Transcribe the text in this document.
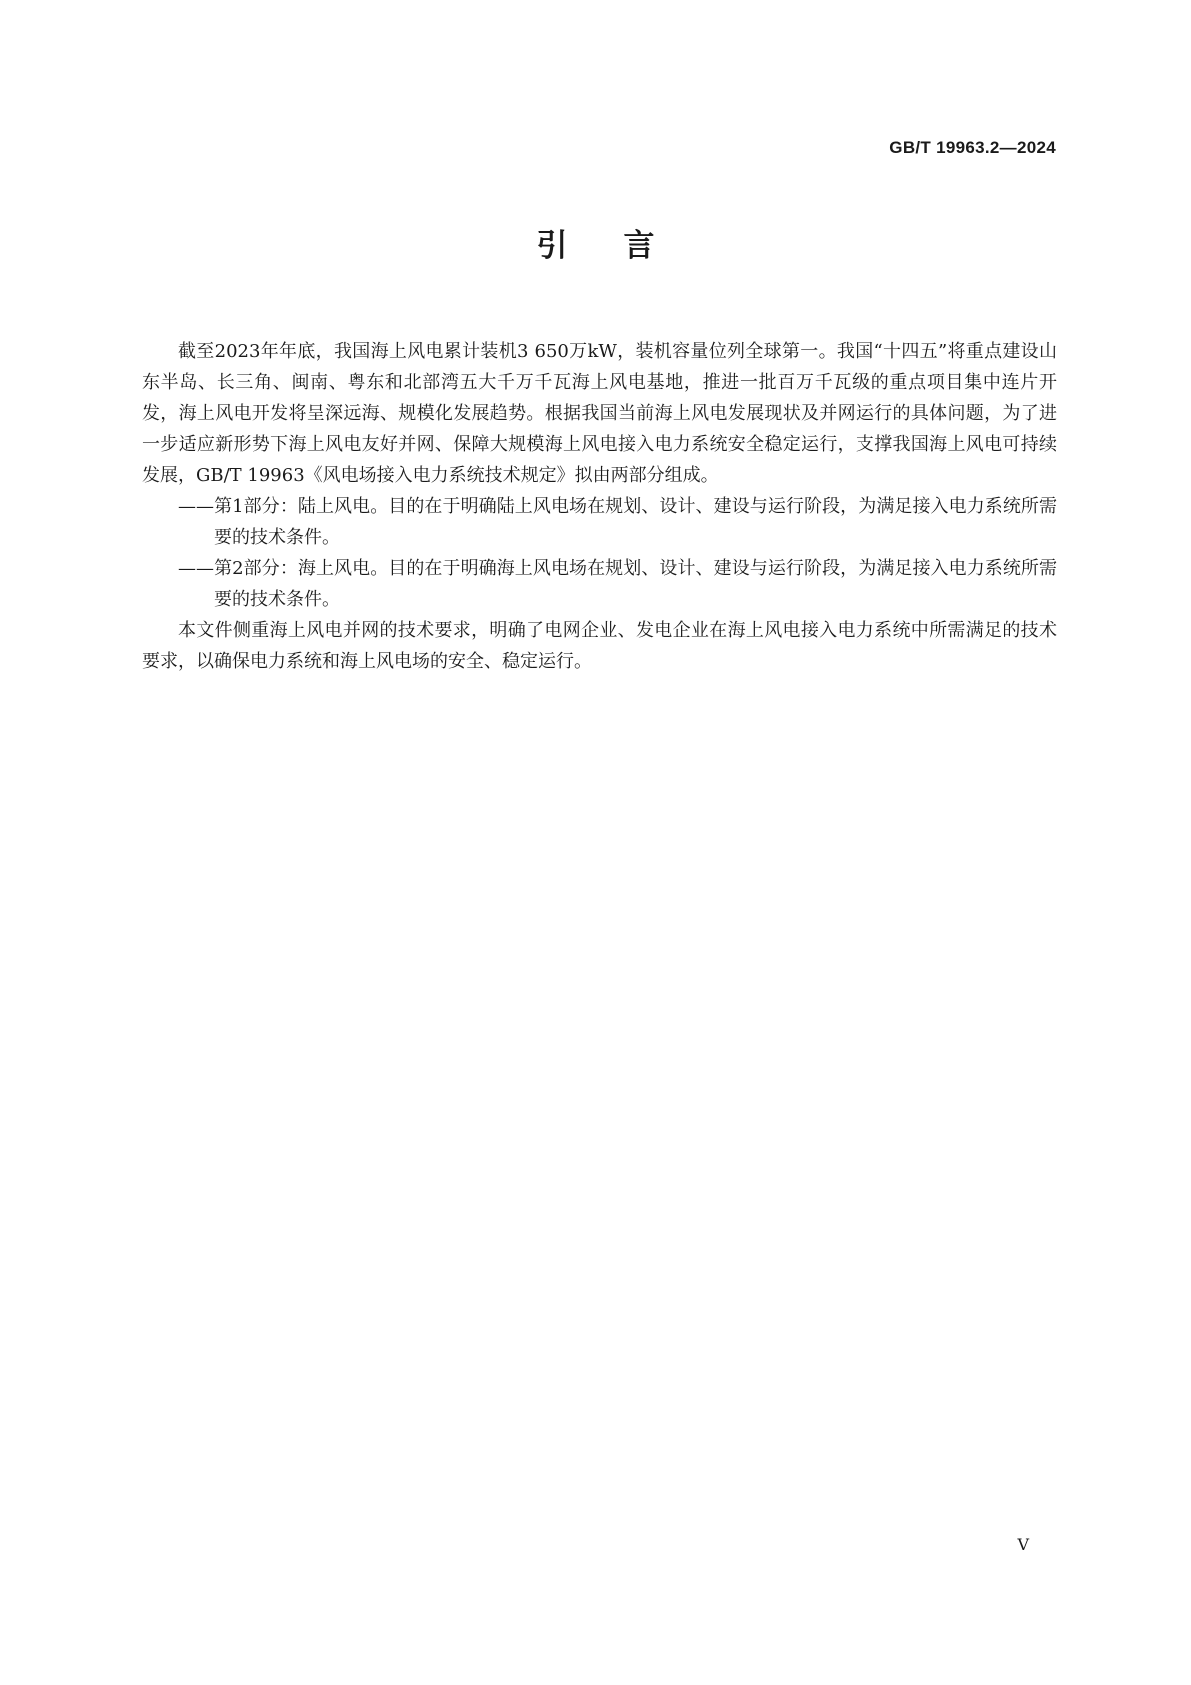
GB/T 19963.2—2024
引言

截至2023年年底，我国海上风电累计装机3 650万kW，装机容量位列全球第一。我国“十四五”将重点建设山东半岛、长三角、闽南、粤东和北部湾五大千万千瓦海上风电基地，推进一批百万千瓦级的重点项目集中连片开发，海上风电开发将呈深远海、规模化发展趋势。根据我国当前海上风电发展现状及并网运行的具体问题，为了进一步适应新形势下海上风电友好并网、保障大规模海上风电接入电力系统安全稳定运行，支撑我国海上风电可持续发展，GB/T 19963《风电场接入电力系统技术规定》拟由两部分组成。

——第1部分：陆上风电。目的在于明确陆上风电场在规划、设计、建设与运行阶段，为满足接入电力系统所需要的技术条件。

——第2部分：海上风电。目的在于明确海上风电场在规划、设计、建设与运行阶段，为满足接入电力系统所需要的技术条件。

本文件侧重海上风电并网的技术要求，明确了电网企业、发电企业在海上风电接入电力系统中所需满足的技术要求，以确保电力系统和海上风电场的安全、稳定运行。

V
